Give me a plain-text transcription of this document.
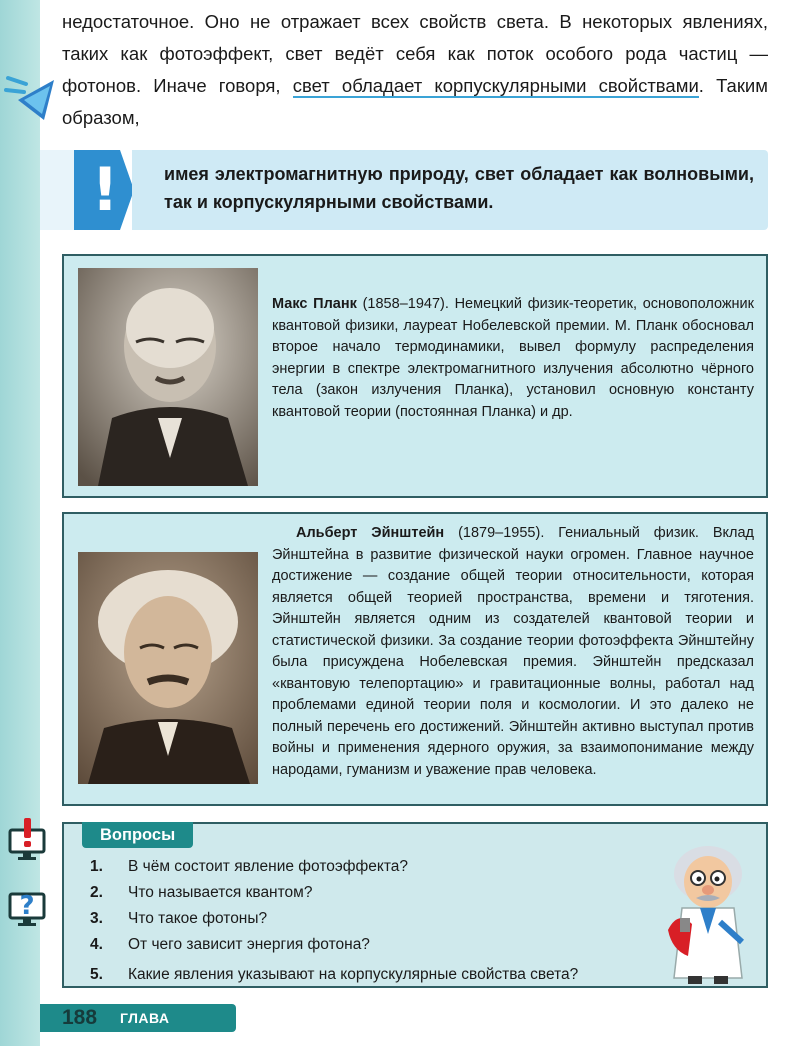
недостаточное. Оно не отражает всех свойств света. В некоторых явлениях, таких как фотоэффект, свет ведёт себя как поток особого рода частиц — фотонов. Иначе говоря, свет обладает корпускулярными свойствами. Таким образом,
!	имея электромагнитную природу, свет обладает как волновыми, так и корпускулярными свойствами.
Макс Планк (1858–1947). Немецкий физик-теоретик, основоположник квантовой физики, лауреат Нобелевской премии. М. Планк обосновал второе начало термодинамики, вывел формулу распределения энергии в спектре электромагнитного излучения абсолютно чёрного тела (закон излучения Планка), установил основную константу квантовой теории (постоянная Планка) и др.
Альберт Эйнштейн (1879–1955). Гениальный физик. Вклад Эйнштейна в развитие физической науки огромен. Главное научное достижение — создание общей теории относительности, которая является общей теорией пространства, времени и тяготения. Эйнштейн является одним из создателей квантовой теории и статистической физики. За создание теории фотоэффекта Эйнштейну была присуждена Нобелевская премия. Эйнштейн предсказал «квантовую телепортацию» и гравитационные волны, работал над проблемами единой теории поля и космологии. И это далеко не полный перечень его достижений. Эйнштейн активно выступал против войны и применения ядерного оружия, за взаимопонимание между народами, гуманизм и уважение прав человека.
?
Вопросы
1. В чём состоит явление фотоэффекта?
2. Что называется квантом?
3. Что такое фотоны?
4. От чего зависит энергия фотона?
5. Какие явления указывают на корпускулярные свойства света?
188 ГЛАВА 3
